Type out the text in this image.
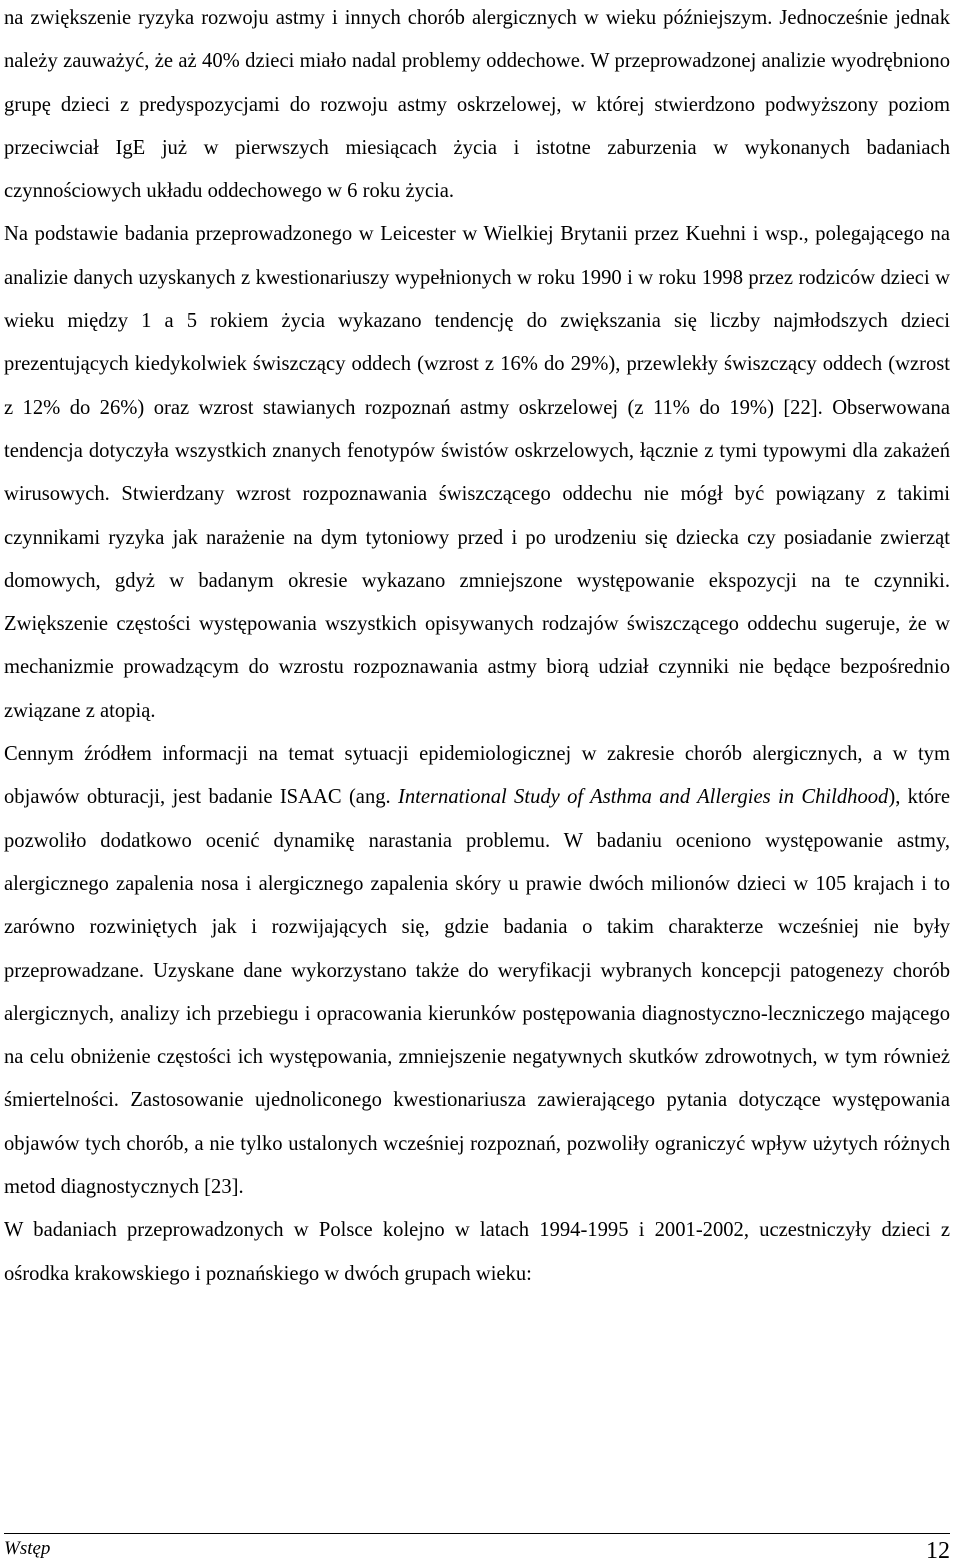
na zwiększenie ryzyka rozwoju astmy i innych chorób alergicznych w wieku późniejszym. Jednocześnie jednak należy zauważyć, że aż 40% dzieci miało nadal problemy oddechowe. W przeprowadzonej analizie wyodrębniono grupę dzieci z predyspozycjami do rozwoju astmy oskrzelowej, w której stwierdzono podwyższony poziom przeciwciał IgE już w pierwszych miesiącach życia i istotne zaburzenia w wykonanych badaniach czynnościowych układu oddechowego w 6 roku życia.

Na podstawie badania przeprowadzonego w Leicester w Wielkiej Brytanii przez Kuehni i wsp., polegającego na analizie danych uzyskanych z kwestionariuszy wypełnionych w roku 1990 i w roku 1998 przez rodziców dzieci w wieku między 1 a 5 rokiem życia wykazano tendencję do zwiększania się liczby najmłodszych dzieci prezentujących kiedykolwiek świszczący oddech (wzrost z 16% do 29%), przewlekły świszczący oddech (wzrost z 12% do 26%) oraz wzrost stawianych rozpoznań astmy oskrzelowej (z 11% do 19%) [22]. Obserwowana tendencja dotyczyła wszystkich znanych fenotypów świstów oskrzelowych, łącznie z tymi typowymi dla zakażeń wirusowych. Stwierdzany wzrost rozpoznawania świszczącego oddechu nie mógł być powiązany z takimi czynnikami ryzyka jak narażenie na dym tytoniowy przed i po urodzeniu się dziecka czy posiadanie zwierząt domowych, gdyż w badanym okresie wykazano zmniejszone występowanie ekspozycji na te czynniki. Zwiększenie częstości występowania wszystkich opisywanych rodzajów świszczącego oddechu sugeruje, że w mechanizmie prowadzącym do wzrostu rozpoznawania astmy biorą udział czynniki nie będące bezpośrednio związane z atopią.

Cennym źródłem informacji na temat sytuacji epidemiologicznej w zakresie chorób alergicznych, a w tym objawów obturacji, jest badanie ISAAC (ang. International Study of Asthma and Allergies in Childhood), które pozwoliło dodatkowo ocenić dynamikę narastania problemu. W badaniu oceniono występowanie astmy, alergicznego zapalenia nosa i alergicznego zapalenia skóry u prawie dwóch milionów dzieci w 105 krajach i to zarówno rozwiniętych jak i rozwijających się, gdzie badania o takim charakterze wcześniej nie były przeprowadzane. Uzyskane dane wykorzystano także do weryfikacji wybranych koncepcji patogenezy chorób alergicznych, analizy ich przebiegu i opracowania kierunków postępowania diagnostyczno-leczniczego mającego na celu obniżenie częstości ich występowania, zmniejszenie negatywnych skutków zdrowotnych, w tym również śmiertelności. Zastosowanie ujednoliconego kwestionariusza zawierającego pytania dotyczące występowania objawów tych chorób, a nie tylko ustalonych wcześniej rozpoznań, pozwoliły ograniczyć wpływ użytych różnych metod diagnostycznych [23].

W badaniach przeprowadzonych w Polsce kolejno w latach 1994-1995 i 2001-2002, uczestniczyły dzieci z ośrodka krakowskiego i poznańskiego w dwóch grupach wieku:

Wstęp	12
